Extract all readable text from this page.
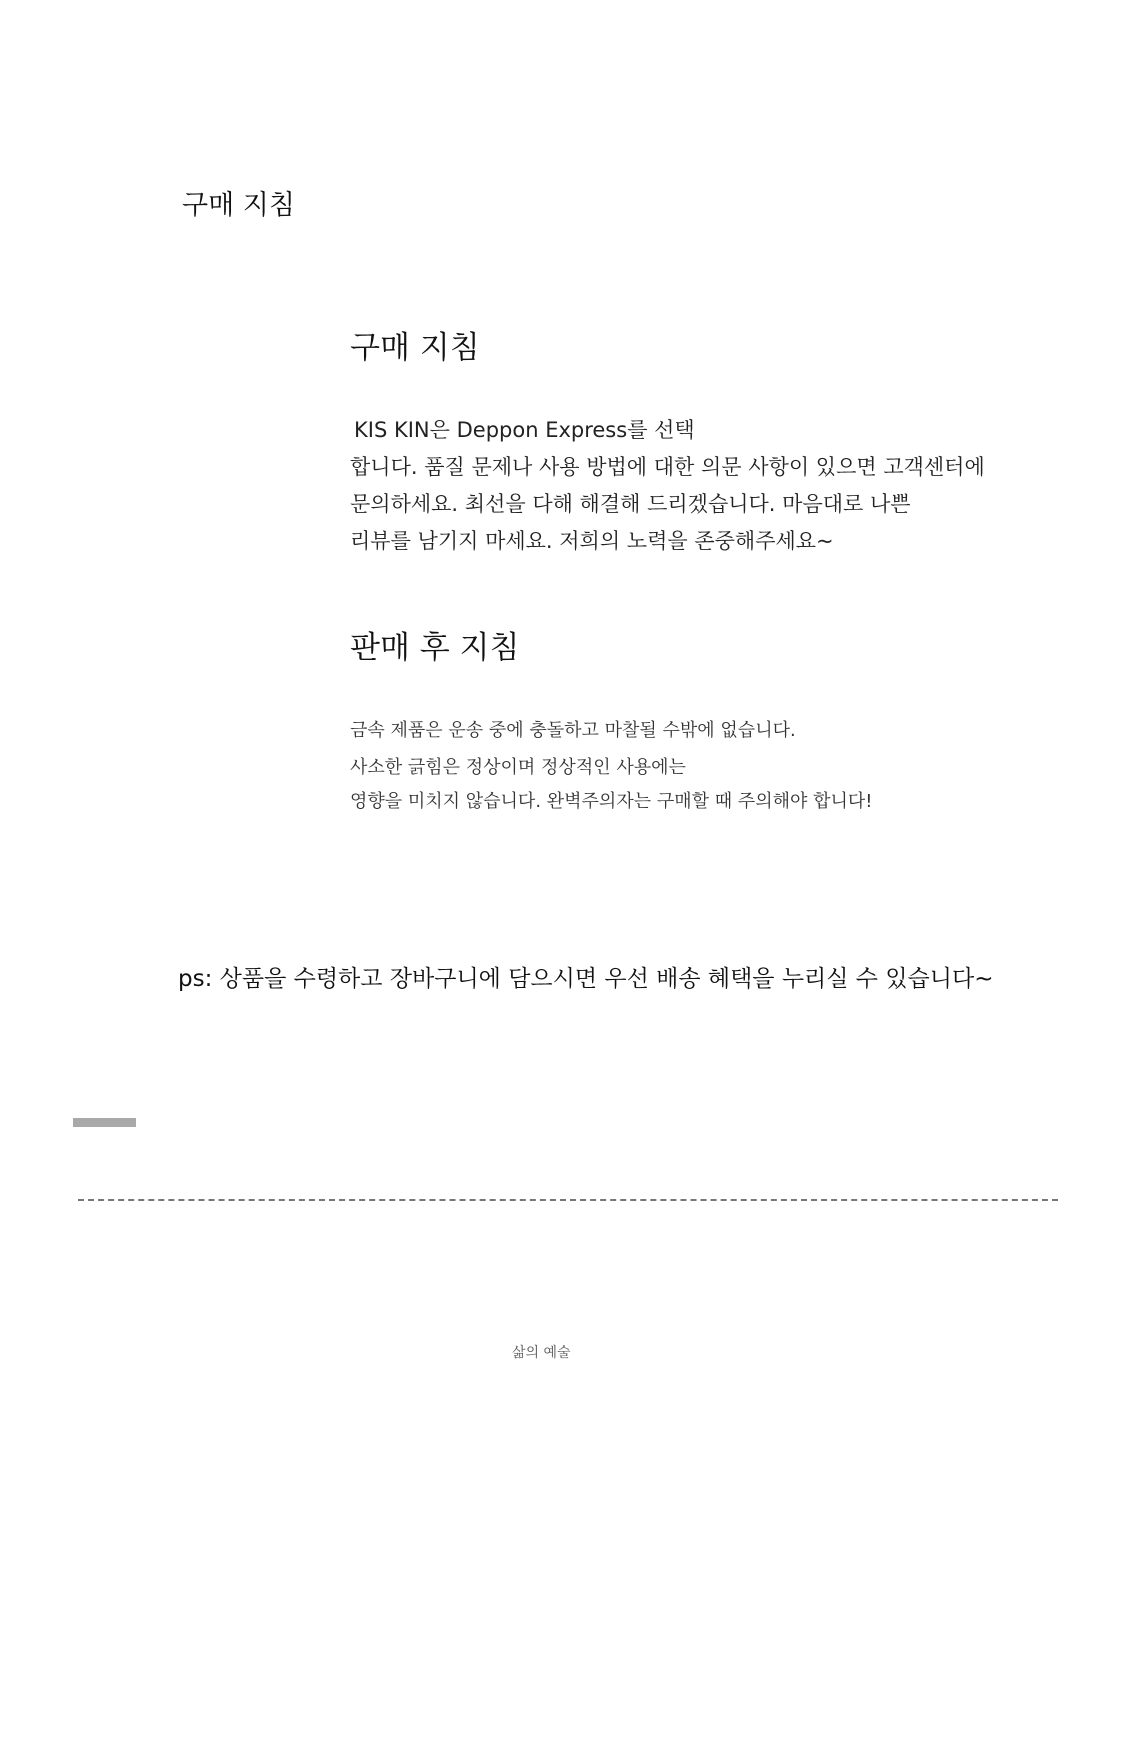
구매 지침
구매 지침
KIS KIN은 Deppon Express를 선택
합니다. 품질 문제나 사용 방법에 대한 의문 사항이 있으면 고객센터에
문의하세요. 최선을 다해 해결해 드리겠습니다. 마음대로 나쁜
리뷰를 남기지 마세요. 저희의 노력을 존중해주세요~
판매 후 지침
금속 제품은 운송 중에 충돌하고 마찰될 수밖에 없습니다.
사소한 긁힘은 정상이며 정상적인 사용에는
영향을 미치지 않습니다. 완벽주의자는 구매할 때 주의해야 합니다!
ps: 상품을 수령하고 장바구니에 담으시면 우선 배송 혜택을 누리실 수 있습니다~
삶의 예술
